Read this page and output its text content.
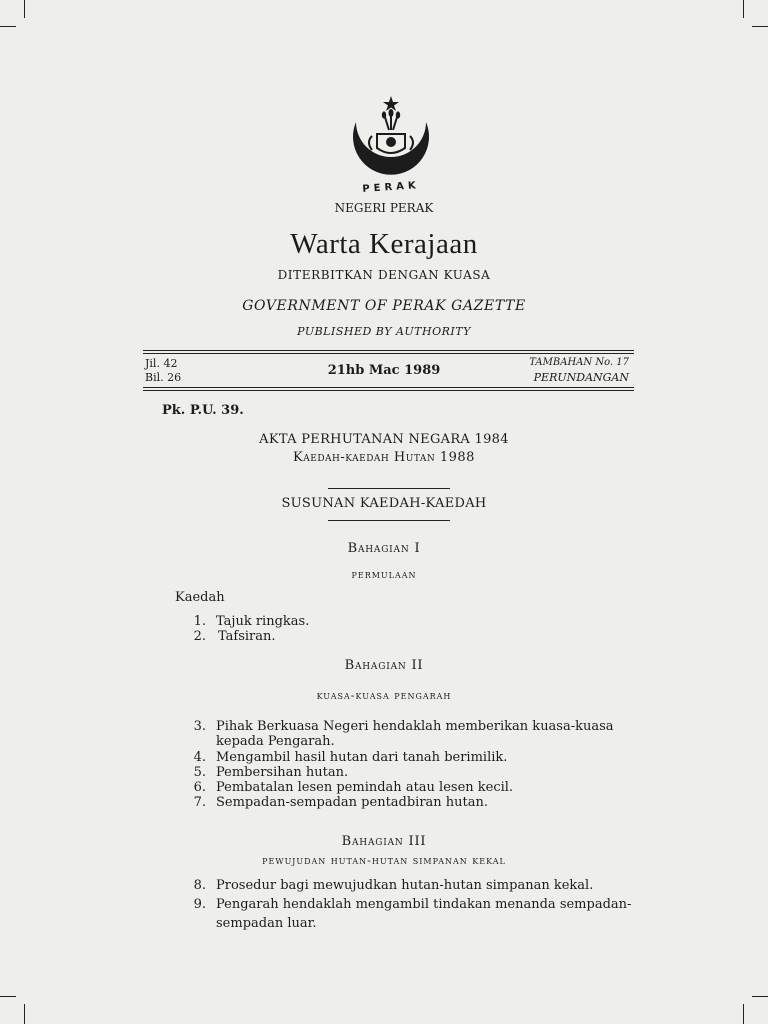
PERAK
NEGERI PERAK
Warta Kerajaan
DITERBITKAN DENGAN KUASA
GOVERNMENT OF PERAK GAZETTE
PUBLISHED BY AUTHORITY
Jil. 42
Bil. 26	21hb Mac 1989
TAMBAHAN No. 17
PERUNDANGAN
Pk. P.U. 39.
AKTA PERHUTANAN NEGARA 1984
Kaedah-kaedah Hutan 1988
SUSUNAN KAEDAH-KAEDAH
Bahagian I
permulaan
Kaedah
1. Tajuk ringkas.
2. Tafsiran.
Bahagian II
kuasa-kuasa pengarah
3. Pihak Berkuasa Negeri hendaklah memberikan kuasa-kuasa
kepada Pengarah.
4. Mengambil hasil hutan dari tanah berimilik.
5. Pembersihan hutan.
6. Pembatalan lesen pemindah atau lesen kecil.
7. Sempadan-sempadan pentadbiran hutan.
Bahagian III
pewujudan hutan-hutan simpanan kekal
8. Prosedur bagi mewujudkan hutan-hutan simpanan kekal.
9. Pengarah hendaklah mengambil tindakan menanda sempadan-
sempadan luar.
